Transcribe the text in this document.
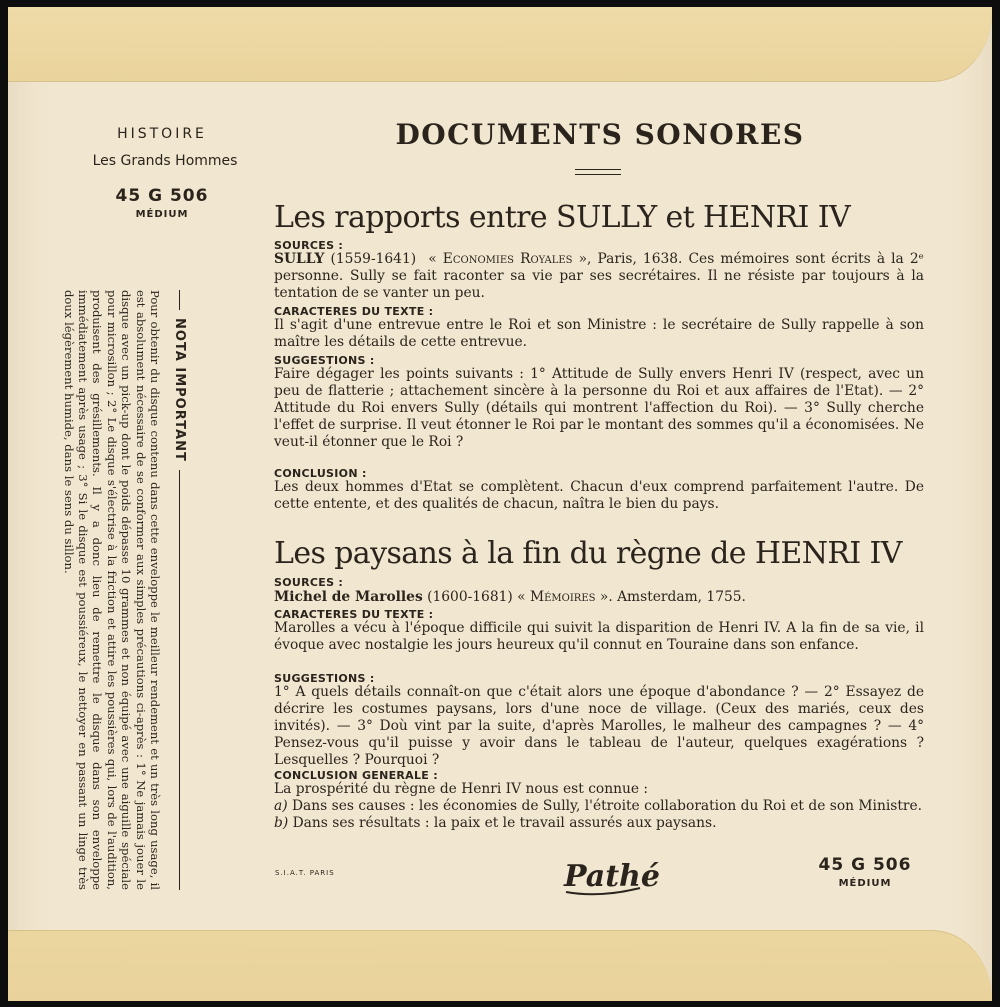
HISTOIRE
Les Grands Hommes
45 G 506
MÉDIUM
NOTA IMPORTANT
Pour obtenir du disque contenu dans cette enveloppe le meilleur rendement et un très long usage, il est absolument nécessaire de se conformer aux simples précautions ci-après : 1° Ne jamais jouer le disque avec un pick-up dont le poids dépasse 10 grammes et non équipé avec une aiguille spéciale pour microsillon ; 2° Le disque s'électrise à la friction et attire les poussières qui, lors de l'audition, produisent des grésillements. Il y a donc lieu de remettre le disque dans son enveloppe immédiatement après usage ; 3° Si le disque est poussiéreux, le nettoyer en passant un linge très doux légèrement humide, dans le sens du sillon.
DOCUMENTS SONORES
Les rapports entre SULLY et HENRI IV
SOURCES :
SULLY (1559-1641) « Economies Royales », Paris, 1638. Ces mémoires sont écrits à la 2ᵉ personne. Sully se fait raconter sa vie par ses secrétaires. Il ne résiste par toujours à la tentation de se vanter un peu.
CARACTERES DU TEXTE :
Il s'agit d'une entrevue entre le Roi et son Ministre : le secrétaire de Sully rappelle à son maître les détails de cette entrevue.
SUGGESTIONS :
Faire dégager les points suivants : 1° Attitude de Sully envers Henri IV (respect, avec un peu de flatterie ; attachement sincère à la personne du Roi et aux affaires de l'Etat). — 2° Attitude du Roi envers Sully (détails qui montrent l'affection du Roi). — 3° Sully cherche l'effet de surprise. Il veut étonner le Roi par le montant des sommes qu'il a économisées. Ne veut-il étonner que le Roi ?
CONCLUSION :
Les deux hommes d'Etat se complètent. Chacun d'eux comprend parfaitement l'autre. De cette entente, et des qualités de chacun, naîtra le bien du pays.
Les paysans à la fin du règne de HENRI IV
SOURCES :
Michel de Marolles (1600-1681) « Mémoires ». Amsterdam, 1755.
CARACTERES DU TEXTE :
Marolles a vécu à l'époque difficile qui suivit la disparition de Henri IV. A la fin de sa vie, il évoque avec nostalgie les jours heureux qu'il connut en Touraine dans son enfance.
SUGGESTIONS :
1° A quels détails connaît-on que c'était alors une époque d'abondance ? — 2° Essayez de décrire les costumes paysans, lors d'une noce de village. (Ceux des mariés, ceux des invités). — 3° Doù vint par la suite, d'après Marolles, le malheur des campagnes ? — 4° Pensez-vous qu'il puisse y avoir dans le tableau de l'auteur, quelques exagérations ? Lesquelles ? Pourquoi ?
CONCLUSION GENERALE :
La prospérité du règne de Henri IV nous est connue :
a) Dans ses causes : les économies de Sully, l'étroite collaboration du Roi et de son Ministre.
b) Dans ses résultats : la paix et le travail assurés aux paysans.
S.I.A.T. PARIS	Pathé	45 G 506
MÉDIUM
